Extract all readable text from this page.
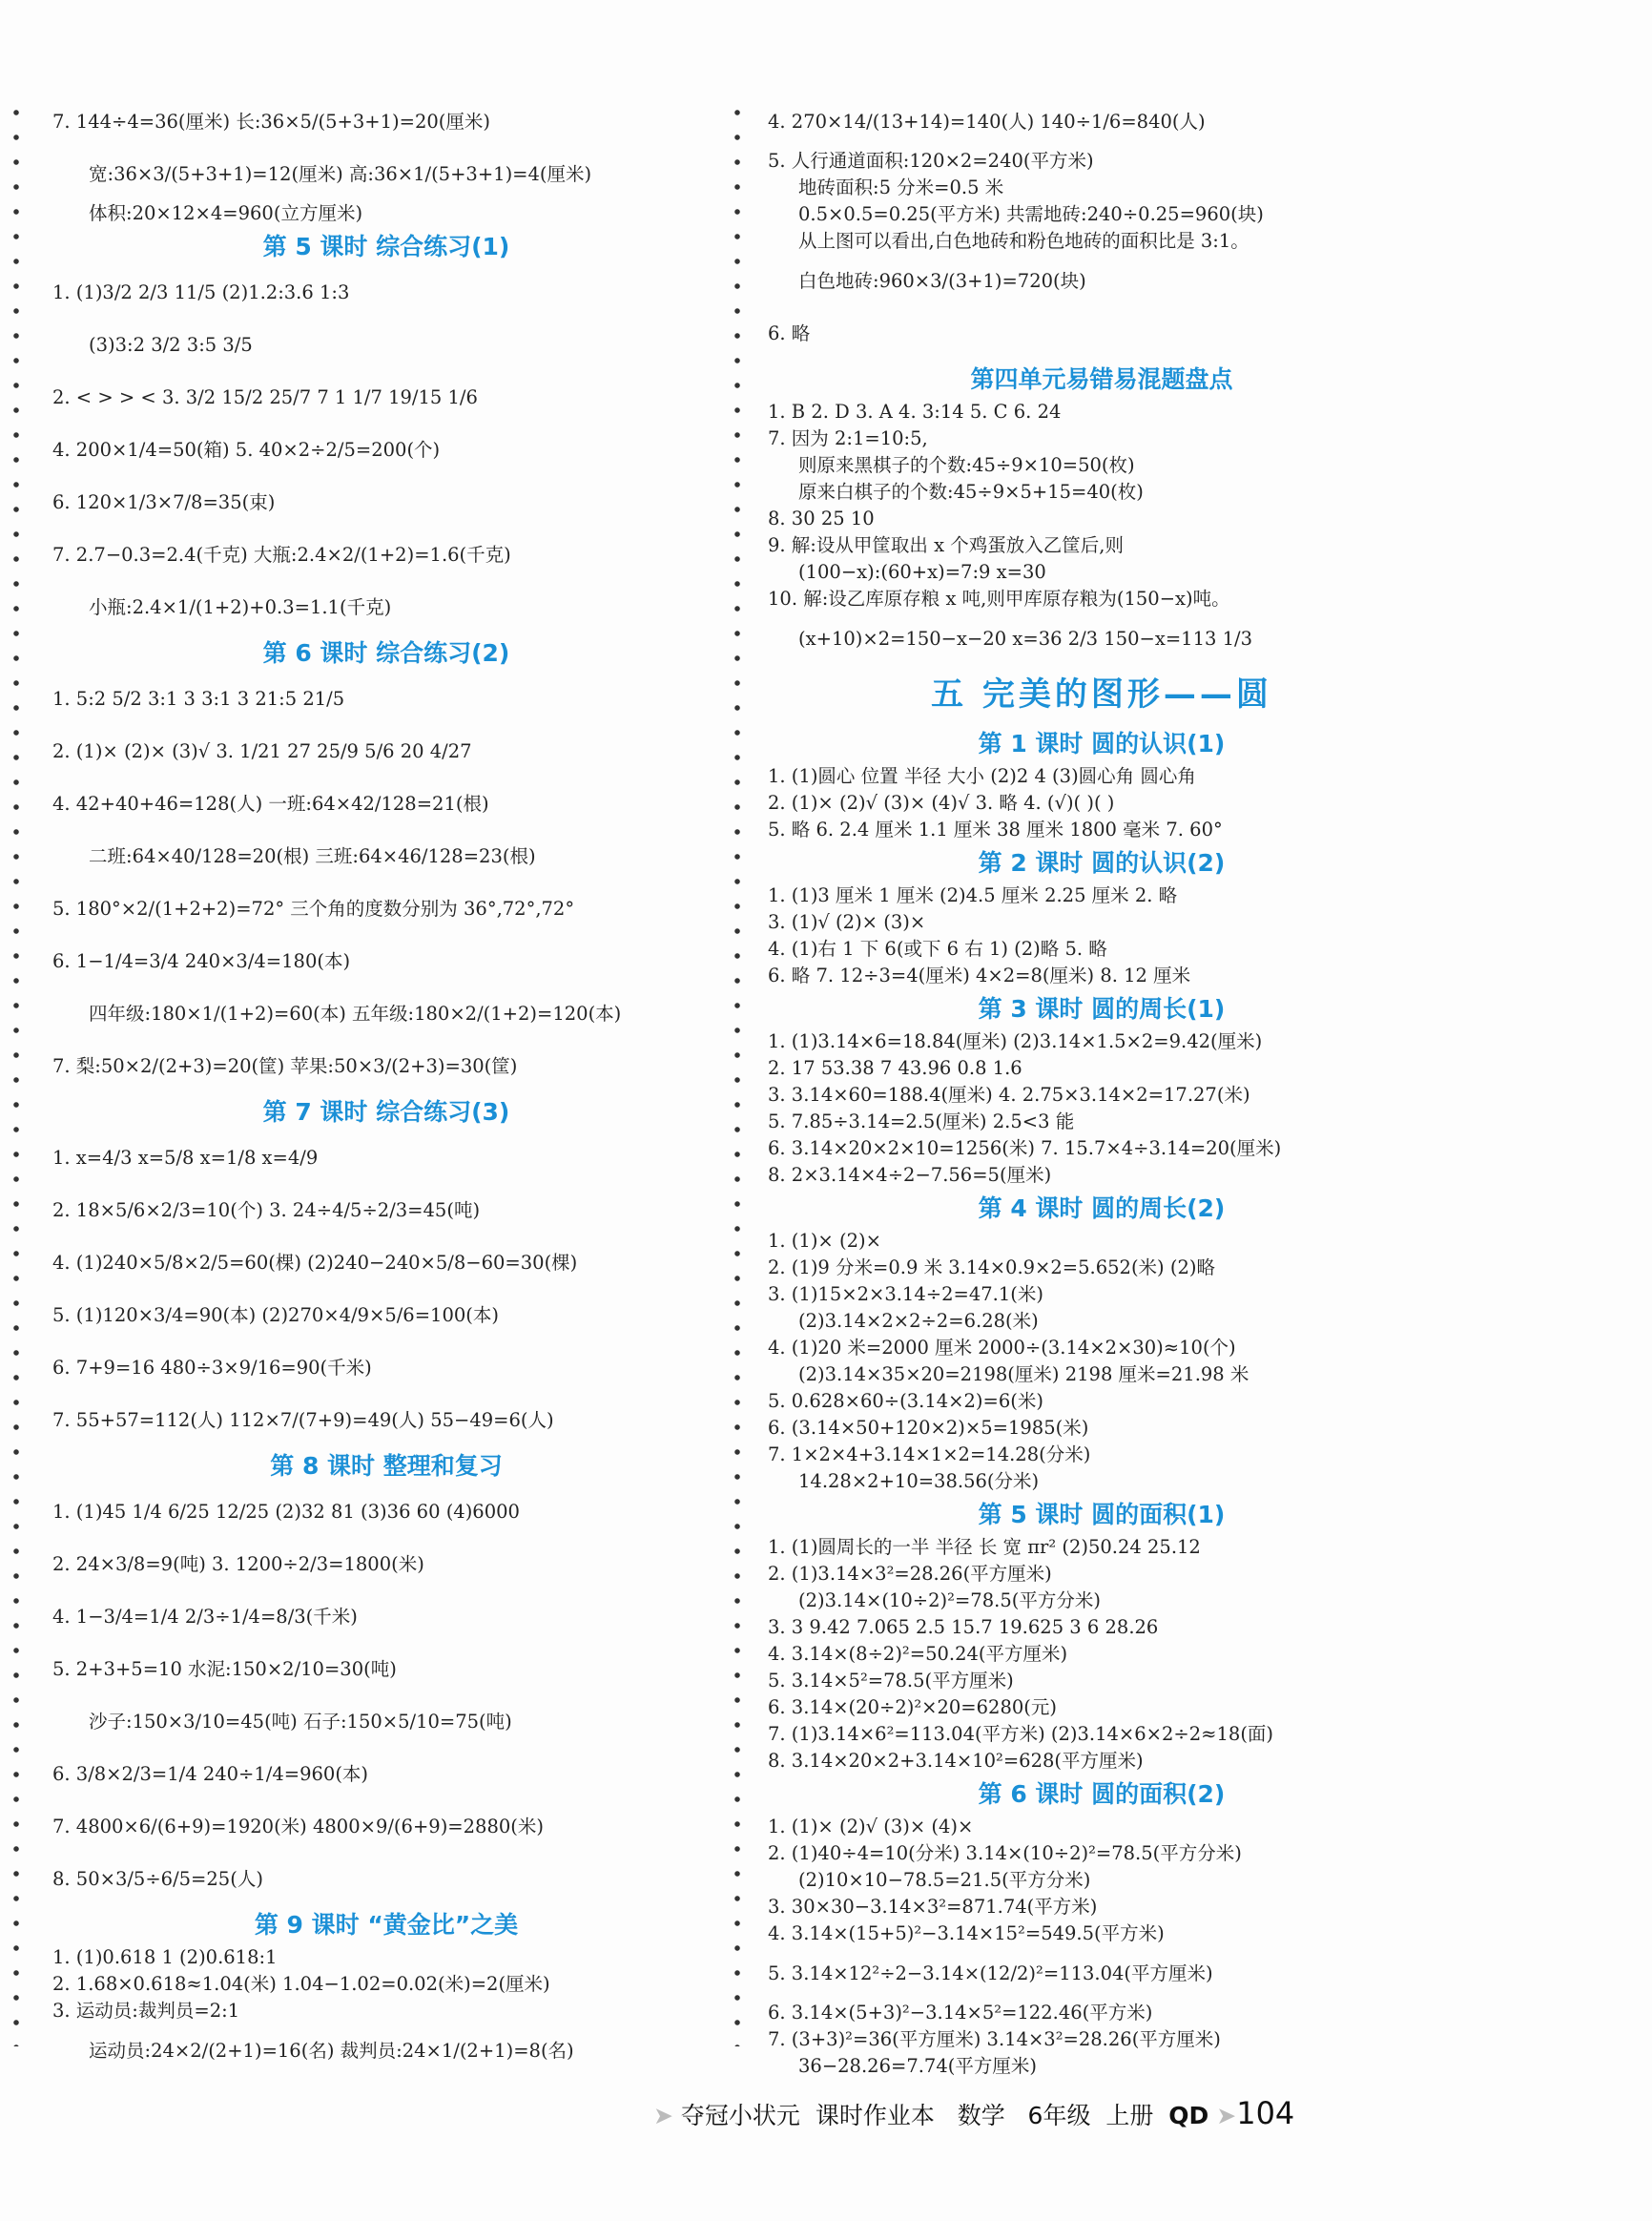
7. 144÷4=36(厘米) 长:36×5/(5+3+1)=20(厘米)
宽:36×3/(5+3+1)=12(厘米) 高:36×1/(5+3+1)=4(厘米)
体积:20×12×4=960(立方厘米)
第 5 课时 综合练习(1)
1. (1)3/2 2/3 11/5 (2)1.2:3.6 1:3
(3)3:2 3/2 3:5 3/5
2. < > > < 3. 3/2 15/2 25/7 7 1 1/7 19/15 1/6
4. 200×1/4=50(箱) 5. 40×2÷2/5=200(个)
6. 120×1/3×7/8=35(束)
7. 2.7−0.3=2.4(千克) 大瓶:2.4×2/(1+2)=1.6(千克)
小瓶:2.4×1/(1+2)+0.3=1.1(千克)
第 6 课时 综合练习(2)
1. 5:2 5/2 3:1 3 3:1 3 21:5 21/5
2. (1)× (2)× (3)√ 3. 1/21 27 25/9 5/6 20 4/27
4. 42+40+46=128(人) 一班:64×42/128=21(根)
二班:64×40/128=20(根) 三班:64×46/128=23(根)
5. 180°×2/(1+2+2)=72° 三个角的度数分别为 36°,72°,72°
6. 1−1/4=3/4 240×3/4=180(本)
四年级:180×1/(1+2)=60(本) 五年级:180×2/(1+2)=120(本)
7. 梨:50×2/(2+3)=20(筐) 苹果:50×3/(2+3)=30(筐)
第 7 课时 综合练习(3)
1. x=4/3 x=5/8 x=1/8 x=4/9
2. 18×5/6×2/3=10(个) 3. 24÷4/5÷2/3=45(吨)
4. (1)240×5/8×2/5=60(棵) (2)240−240×5/8−60=30(棵)
5. (1)120×3/4=90(本) (2)270×4/9×5/6=100(本)
6. 7+9=16 480÷3×9/16=90(千米)
7. 55+57=112(人) 112×7/(7+9)=49(人) 55−49=6(人)
第 8 课时 整理和复习
1. (1)45 1/4 6/25 12/25 (2)32 81 (3)36 60 (4)6000
2. 24×3/8=9(吨) 3. 1200÷2/3=1800(米)
4. 1−3/4=1/4 2/3÷1/4=8/3(千米)
5. 2+3+5=10 水泥:150×2/10=30(吨)
沙子:150×3/10=45(吨) 石子:150×5/10=75(吨)
6. 3/8×2/3=1/4 240÷1/4=960(本)
7. 4800×6/(6+9)=1920(米) 4800×9/(6+9)=2880(米)
8. 50×3/5÷6/5=25(人)
第 9 课时 “黄金比”之美
1. (1)0.618 1 (2)0.618:1
2. 1.68×0.618≈1.04(米) 1.04−1.02=0.02(米)=2(厘米)
3. 运动员:裁判员=2:1
运动员:24×2/(2+1)=16(名) 裁判员:24×1/(2+1)=8(名)
4. 270×14/(13+14)=140(人) 140÷1/6=840(人)
5. 人行通道面积:120×2=240(平方米)
地砖面积:5 分米=0.5 米
0.5×0.5=0.25(平方米) 共需地砖:240÷0.25=960(块)
从上图可以看出,白色地砖和粉色地砖的面积比是 3:1。
白色地砖:960×3/(3+1)=720(块)
6. 略
第四单元易错易混题盘点
1. B 2. D 3. A 4. 3:14 5. C 6. 24
7. 因为 2:1=10:5,
则原来黑棋子的个数:45÷9×10=50(枚)
原来白棋子的个数:45÷9×5+15=40(枚)
8. 30 25 10
9. 解:设从甲筐取出 x 个鸡蛋放入乙筐后,则
(100−x):(60+x)=7:9 x=30
10. 解:设乙库原存粮 x 吨,则甲库原存粮为(150−x)吨。
(x+10)×2=150−x−20 x=36 2/3 150−x=113 1/3
五 完美的图形——圆
第 1 课时 圆的认识(1)
1. (1)圆心 位置 半径 大小 (2)2 4 (3)圆心角 圆心角
2. (1)× (2)√ (3)× (4)√ 3. 略 4. (√)( )( )
5. 略 6. 2.4 厘米 1.1 厘米 38 厘米 1800 毫米 7. 60°
第 2 课时 圆的认识(2)
1. (1)3 厘米 1 厘米 (2)4.5 厘米 2.25 厘米 2. 略
3. (1)√ (2)× (3)×
4. (1)右 1 下 6(或下 6 右 1) (2)略 5. 略
6. 略 7. 12÷3=4(厘米) 4×2=8(厘米) 8. 12 厘米
第 3 课时 圆的周长(1)
1. (1)3.14×6=18.84(厘米) (2)3.14×1.5×2=9.42(厘米)
2. 17 53.38 7 43.96 0.8 1.6
3. 3.14×60=188.4(厘米) 4. 2.75×3.14×2=17.27(米)
5. 7.85÷3.14=2.5(厘米) 2.5<3 能
6. 3.14×20×2×10=1256(米) 7. 15.7×4÷3.14=20(厘米)
8. 2×3.14×4÷2−7.56=5(厘米)
第 4 课时 圆的周长(2)
1. (1)× (2)×
2. (1)9 分米=0.9 米 3.14×0.9×2=5.652(米) (2)略
3. (1)15×2×3.14÷2=47.1(米)
(2)3.14×2×2÷2=6.28(米)
4. (1)20 米=2000 厘米 2000÷(3.14×2×30)≈10(个)
(2)3.14×35×20=2198(厘米) 2198 厘米=21.98 米
5. 0.628×60÷(3.14×2)=6(米)
6. (3.14×50+120×2)×5=1985(米)
7. 1×2×4+3.14×1×2=14.28(分米)
14.28×2+10=38.56(分米)
第 5 课时 圆的面积(1)
1. (1)圆周长的一半 半径 长 宽 πr² (2)50.24 25.12
2. (1)3.14×3²=28.26(平方厘米)
(2)3.14×(10÷2)²=78.5(平方分米)
3. 3 9.42 7.065 2.5 15.7 19.625 3 6 28.26
4. 3.14×(8÷2)²=50.24(平方厘米)
5. 3.14×5²=78.5(平方厘米)
6. 3.14×(20÷2)²×20=6280(元)
7. (1)3.14×6²=113.04(平方米) (2)3.14×6×2÷2≈18(面)
8. 3.14×20×2+3.14×10²=628(平方厘米)
第 6 课时 圆的面积(2)
1. (1)× (2)√ (3)× (4)×
2. (1)40÷4=10(分米) 3.14×(10÷2)²=78.5(平方分米)
(2)10×10−78.5=21.5(平方分米)
3. 30×30−3.14×3²=871.74(平方米)
4. 3.14×(15+5)²−3.14×15²=549.5(平方米)
5. 3.14×12²÷2−3.14×(12/2)²=113.04(平方厘米)
6. 3.14×(5+3)²−3.14×5²=122.46(平方米)
7. (3+3)²=36(平方厘米) 3.14×3²=28.26(平方厘米)
36−28.26=7.74(平方厘米)
➤ 夺冠小状元 课时作业本 数学 6年级 上册 QD ➤104
